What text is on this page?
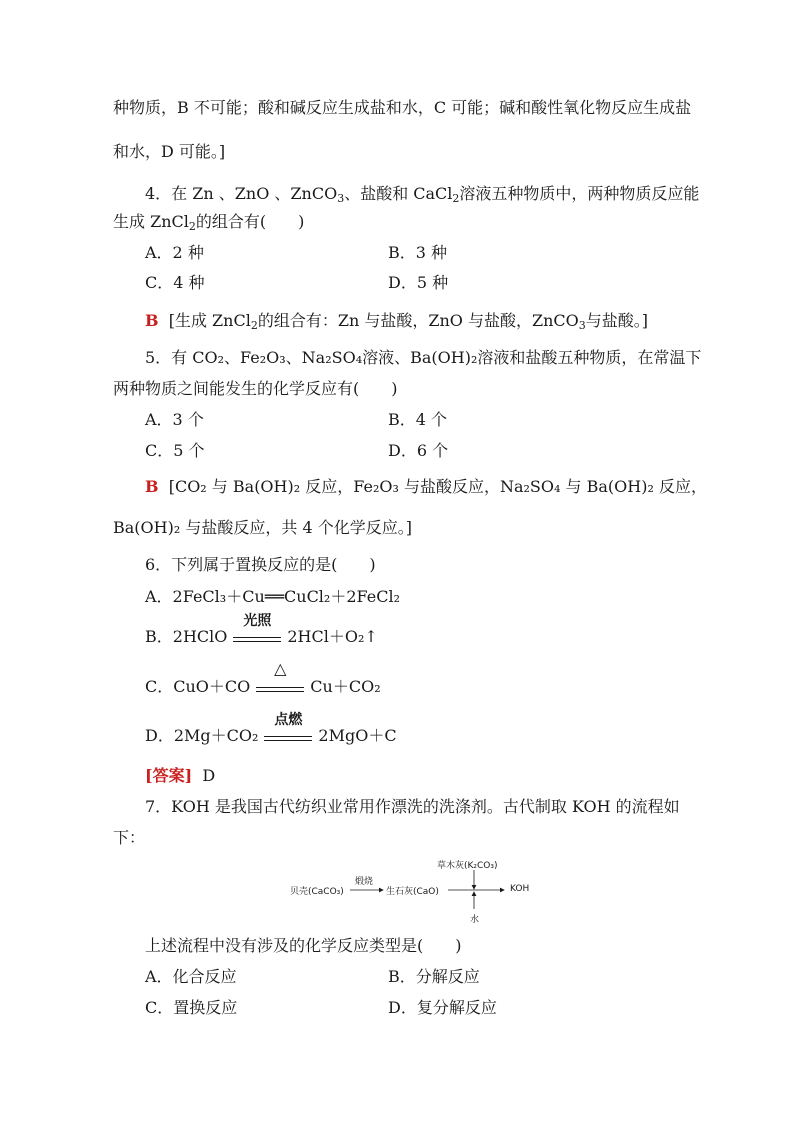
种物质，B 不可能；酸和碱反应生成盐和水，C 可能；碱和酸性氧化物反应生成盐
和水，D 可能。]
4．在 Zn 、ZnO 、ZnCO$_3$、盐酸和 CaCl$_2$溶液五种物质中，两种物质反应能
生成 ZnCl$_2$的组合有(　　)
A．2 种	B．3 种
C．4 种	D．5 种
B [生成 ZnCl$_2$的组合有：Zn 与盐酸，ZnO 与盐酸，ZnCO$_3$与盐酸。]
5．有 CO₂、Fe₂O₃、Na₂SO₄溶液、Ba(OH)₂溶液和盐酸五种物质，在常温下
两种物质之间能发生的化学反应有(　　)
A．3 个	B．4 个
C．5 个	D．6 个
B [CO₂ 与 Ba(OH)₂ 反应，Fe₂O₃ 与盐酸反应，Na₂SO₄ 与 Ba(OH)₂ 反应，
Ba(OH)₂ 与盐酸反应，共 4 个化学反应。]
6．下列属于置换反应的是(　　)
A．2FeCl₃＋Cu══CuCl₂＋2FeCl₂
B．2HClO
光照
2HCl＋O₂↑
C．CuO＋CO
△
Cu＋CO₂
D．2Mg＋CO₂
点燃
2MgO＋C
[答案] D
7．KOH 是我国古代纺织业常用作漂洗的洗涤剂。古代制取 KOH 的流程如
下：
贝壳(CaCO₃)
煅烧
生石灰(CaO)
草木灰(K₂CO₃)
水
KOH
上述流程中没有涉及的化学反应类型是(　　)
A．化合反应	B．分解反应
C．置换反应	D．复分解反应
